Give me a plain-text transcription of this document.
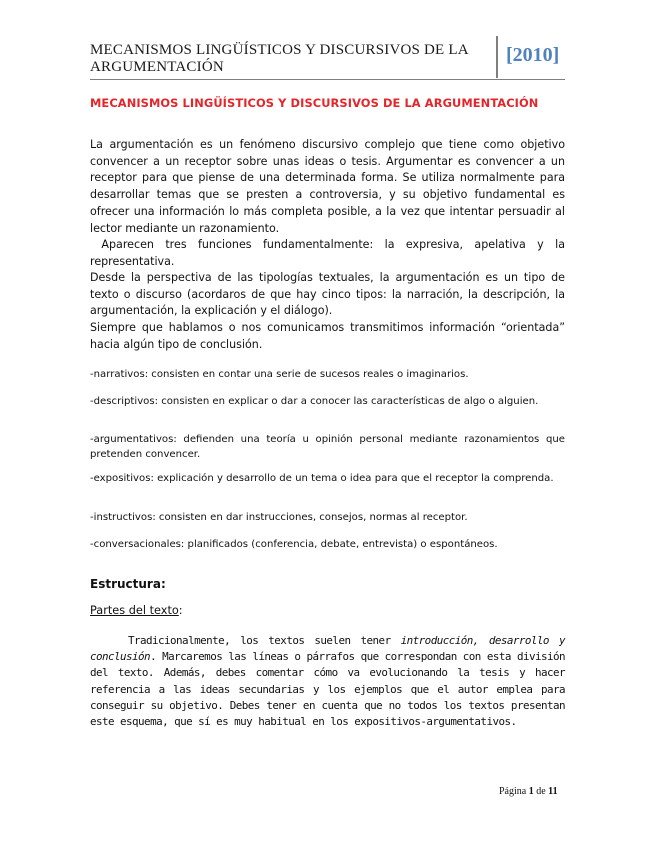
MECANISMOS LINGÜÍSTICOS Y DISCURSIVOS DE LA ARGUMENTACIÓN
[2010]
MECANISMOS LINGÜÍSTICOS Y DISCURSIVOS DE LA ARGUMENTACIÓN
La argumentación es un fenómeno discursivo complejo que tiene como objetivo convencer a un receptor sobre unas ideas o tesis. Argumentar es convencer a un receptor para que piense de una determinada forma. Se utiliza normalmente para desarrollar temas que se presten a controversia, y su objetivo fundamental es ofrecer una información lo más completa posible, a la vez que intentar persuadir al lector mediante un razonamiento.
Aparecen tres funciones fundamentalmente: la expresiva, apelativa y la representativa.
Desde la perspectiva de las tipologías textuales, la argumentación es un tipo de texto o discurso (acordaros de que hay cinco tipos: la narración, la descripción, la argumentación, la explicación y el diálogo).
Siempre que hablamos o nos comunicamos transmitimos información “orientada” hacia algún tipo de conclusión.
-narrativos: consisten en contar una serie de sucesos reales o imaginarios.
-descriptivos: consisten en explicar o dar a conocer las características de algo o alguien.
-argumentativos: defienden una teoría u opinión personal mediante razonamientos que pretenden convencer.
-expositivos: explicación y desarrollo de un tema o idea para que el receptor la comprenda.
-instructivos: consisten en dar instrucciones, consejos, normas al receptor.
-conversacionales: planificados (conferencia, debate, entrevista) o espontáneos.
Estructura:
Partes del texto:
Tradicionalmente, los textos suelen tener introducción, desarrollo y conclusión. Marcaremos las líneas o párrafos que correspondan con esta división del texto. Además, debes comentar cómo va evolucionando la tesis y hacer referencia a las ideas secundarias y los ejemplos que el autor emplea para conseguir su objetivo. Debes tener en cuenta que no todos los textos presentan este esquema, que sí es muy habitual en los expositivos-argumentativos.
Página 1 de 11
